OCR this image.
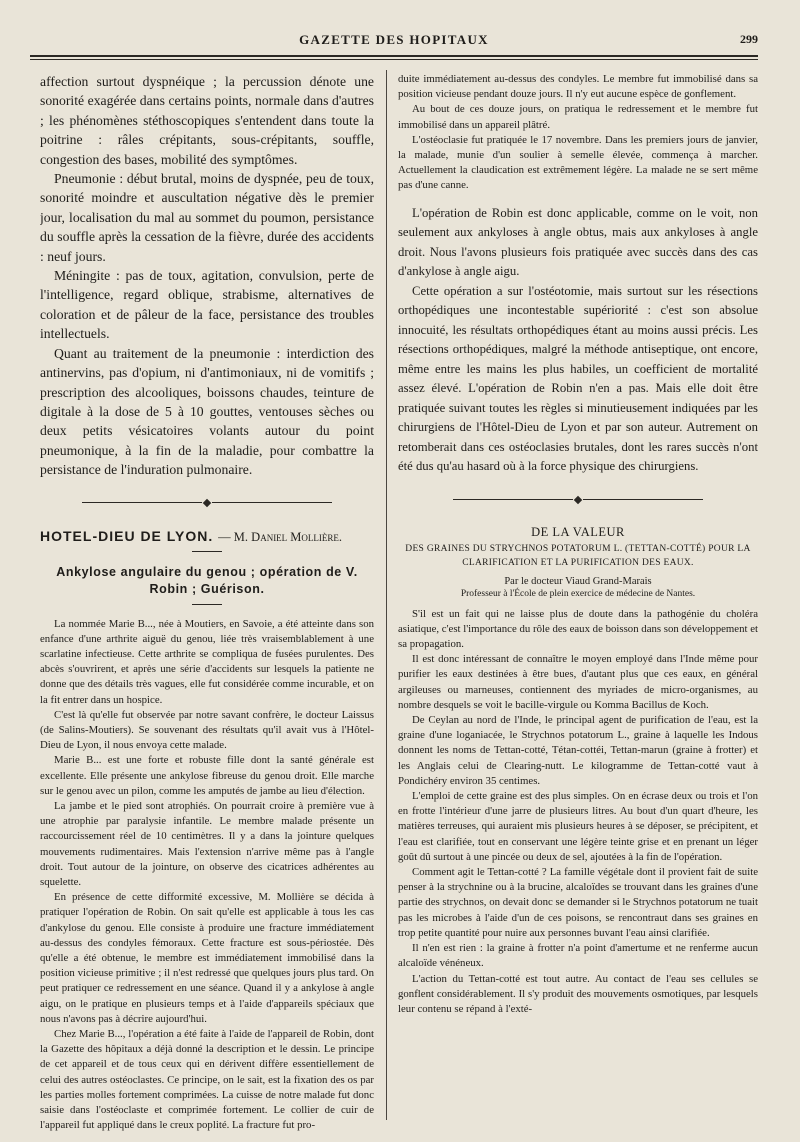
GAZETTE DES HOPITAUX	299

affection surtout dyspnéique ; la percussion dénote une sonorité exagérée dans certains points, normale dans d'autres ; les phénomènes stéthoscopiques s'entendent dans toute la poitrine : râles crépitants, sous-crépitants, souffle, congestion des bases, mobilité des symptômes.

Pneumonie : début brutal, moins de dyspnée, peu de toux, sonorité moindre et auscultation négative dès le premier jour, localisation du mal au sommet du poumon, persistance du souffle après la cessation de la fièvre, durée des accidents : neuf jours.

Méningite : pas de toux, agitation, convulsion, perte de l'intelligence, regard oblique, strabisme, alternatives de coloration et de pâleur de la face, persistance des troubles intellectuels.

Quant au traitement de la pneumonie : interdiction des antinervins, pas d'opium, ni d'antimoniaux, ni de vomitifs ; prescription des alcooliques, boissons chaudes, teinture de digitale à la dose de 5 à 10 gouttes, ventouses sèches ou deux petits vésicatoires volants autour du point pneumonique, à la fin de la maladie, pour combattre la persistance de l'induration pulmonaire.

HOTEL-DIEU DE LYON. — M. Daniel Mollière.

Ankylose angulaire du genou ; opération de V. Robin ; Guérison.

La nommée Marie B..., née à Moutiers, en Savoie, a été atteinte dans son enfance d'une arthrite aiguë du genou, liée très vraisemblablement à une scarlatine infectieuse. Cette arthrite se compliqua de fusées purulentes. Des abcès s'ouvrirent, et après une série d'accidents sur lesquels la patiente ne donne que des détails très vagues, elle fut considérée comme incurable, et on la fit entrer dans un hospice.

C'est là qu'elle fut observée par notre savant confrère, le docteur Laissus (de Salins-Moutiers). Se souvenant des résultats qu'il avait vus à l'Hôtel-Dieu de Lyon, il nous envoya cette malade.

Marie B... est une forte et robuste fille dont la santé générale est excellente. Elle présente une ankylose fibreuse du genou droit. Elle marche sur le genou avec un pilon, comme les amputés de jambe au lieu d'élection.

La jambe et le pied sont atrophiés. On pourrait croire à première vue à une atrophie par paralysie infantile. Le membre malade présente un raccourcissement réel de 10 centimètres. Il y a dans la jointure quelques mouvements rudimentaires. Mais l'extension n'arrive même pas à l'angle droit. Tout autour de la jointure, on observe des cicatrices adhérentes au squelette.

En présence de cette difformité excessive, M. Mollière se décida à pratiquer l'opération de Robin. On sait qu'elle est applicable à tous les cas d'ankylose du genou. Elle consiste à produire une fracture immédiatement au-dessus des condyles fémoraux. Cette fracture est sous-périostée. Dès qu'elle a été obtenue, le membre est immédiatement immobilisé dans la position vicieuse primitive ; il n'est redressé que quelques jours plus tard. On peut pratiquer ce redressement en une séance. Quand il y a ankylose à angle aigu, on le pratique en plusieurs temps et à l'aide d'appareils spéciaux que nous n'avons pas à décrire aujourd'hui.

Chez Marie B..., l'opération a été faite à l'aide de l'appareil de Robin, dont la Gazette des hôpitaux a déjà donné la description et le dessin. Le principe de cet appareil et de tous ceux qui en dérivent diffère essentiellement de celui des autres ostéoclastes. Ce principe, on le sait, est la fixation des os par les parties molles fortement comprimées. La cuisse de notre malade fut donc saisie dans l'ostéoclaste et comprimée fortement. Le collier de cuir de l'appareil fut appliqué dans le creux poplité. La fracture fut pro-

duite immédiatement au-dessus des condyles. Le membre fut immobilisé dans sa position vicieuse pendant douze jours. Il n'y eut aucune espèce de gonflement.

Au bout de ces douze jours, on pratiqua le redressement et le membre fut immobilisé dans un appareil plâtré.

L'ostéoclasie fut pratiquée le 17 novembre. Dans les premiers jours de janvier, la malade, munie d'un soulier à semelle élevée, commença à marcher. Actuellement la claudication est extrêmement légère. La malade ne se sert même pas d'une canne.

L'opération de Robin est donc applicable, comme on le voit, non seulement aux ankyloses à angle obtus, mais aux ankyloses à angle droit. Nous l'avons plusieurs fois pratiquée avec succès dans des cas d'ankylose à angle aigu.

Cette opération a sur l'ostéotomie, mais surtout sur les résections orthopédiques une incontestable supériorité : c'est son absolue innocuité, les résultats orthopédiques étant au moins aussi précis. Les résections orthopédiques, malgré la méthode antiseptique, ont encore, même entre les mains les plus habiles, un coefficient de mortalité assez élevé. L'opération de Robin n'en a pas. Mais elle doit être pratiquée suivant toutes les règles si minutieusement indiquées par les chirurgiens de l'Hôtel-Dieu de Lyon et par son auteur. Autrement on retomberait dans ces ostéoclasies brutales, dont les rares succès n'ont été dus qu'au hasard où à la force physique des chirurgiens.

DE LA VALEUR

DES GRAINES DU STRYCHNOS POTATORUM L. (TETTAN-COTTÉ) POUR LA CLARIFICATION ET LA PURIFICATION DES EAUX.

Par le docteur Viaud Grand-Marais

Professeur à l'École de plein exercice de médecine de Nantes.

S'il est un fait qui ne laisse plus de doute dans la pathogénie du choléra asiatique, c'est l'importance du rôle des eaux de boisson dans son développement et sa propagation.

Il est donc intéressant de connaître le moyen employé dans l'Inde même pour purifier les eaux destinées à être bues, d'autant plus que ces eaux, en général argileuses ou marneuses, contiennent des myriades de micro-organismes, au nombre desquels se voit le bacille-virgule ou Komma Bacillus de Koch.

De Ceylan au nord de l'Inde, le principal agent de purification de l'eau, est la graine d'une loganiacée, le Strychnos potatorum L., graine à laquelle les Indous donnent les noms de Tettan-cotté, Tétan-cottéi, Tettan-marun (graine à frotter) et les Anglais celui de Clearing-nutt. Le kilogramme de Tettan-cotté vaut à Pondichéry environ 35 centimes.

L'emploi de cette graine est des plus simples. On en écrase deux ou trois et l'on en frotte l'intérieur d'une jarre de plusieurs litres. Au bout d'un quart d'heure, les matières terreuses, qui auraient mis plusieurs heures à se déposer, se précipitent, et l'eau est clarifiée, tout en conservant une légère teinte grise et en prenant un léger goût dû surtout à une pincée ou deux de sel, ajoutées à la fin de l'opération.

Comment agit le Tettan-cotté ? La famille végétale dont il provient fait de suite penser à la strychnine ou à la brucine, alcaloïdes se trouvant dans les graines d'une partie des strychnos, on devait donc se demander si le Strychnos potatorum ne tuait pas les microbes à l'aide d'un de ces poisons, se rencontraut dans ses graines en trop petite quantité pour nuire aux personnes buvant l'eau ainsi clarifiée.

Il n'en est rien : la graine à frotter n'a point d'amertume et ne renferme aucun alcaloïde vénéneux.

L'action du Tettan-cotté est tout autre. Au contact de l'eau ses cellules se gonflent considérablement. Il s'y produit des mouvements osmotiques, par lesquels leur contenu se répand à l'exté-
